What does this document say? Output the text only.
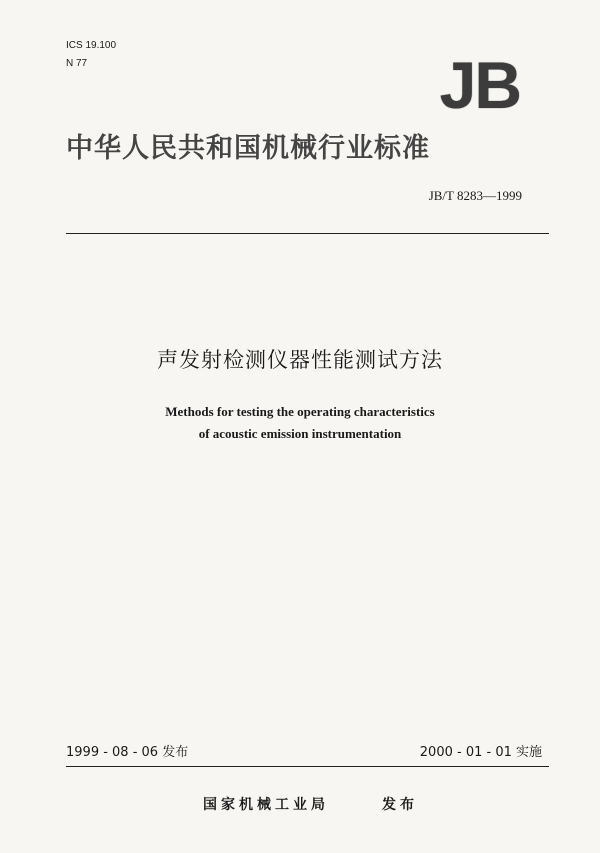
ICS 19.100
N 77	JB
中华人民共和国机械行业标准
JB/T 8283—1999
声发射检测仪器性能测试方法
Methods for testing the operating characteristics
of acoustic emission instrumentation
1999 - 08 - 06 发布	2000 - 01 - 01 实施
国家机械工业局	发布
